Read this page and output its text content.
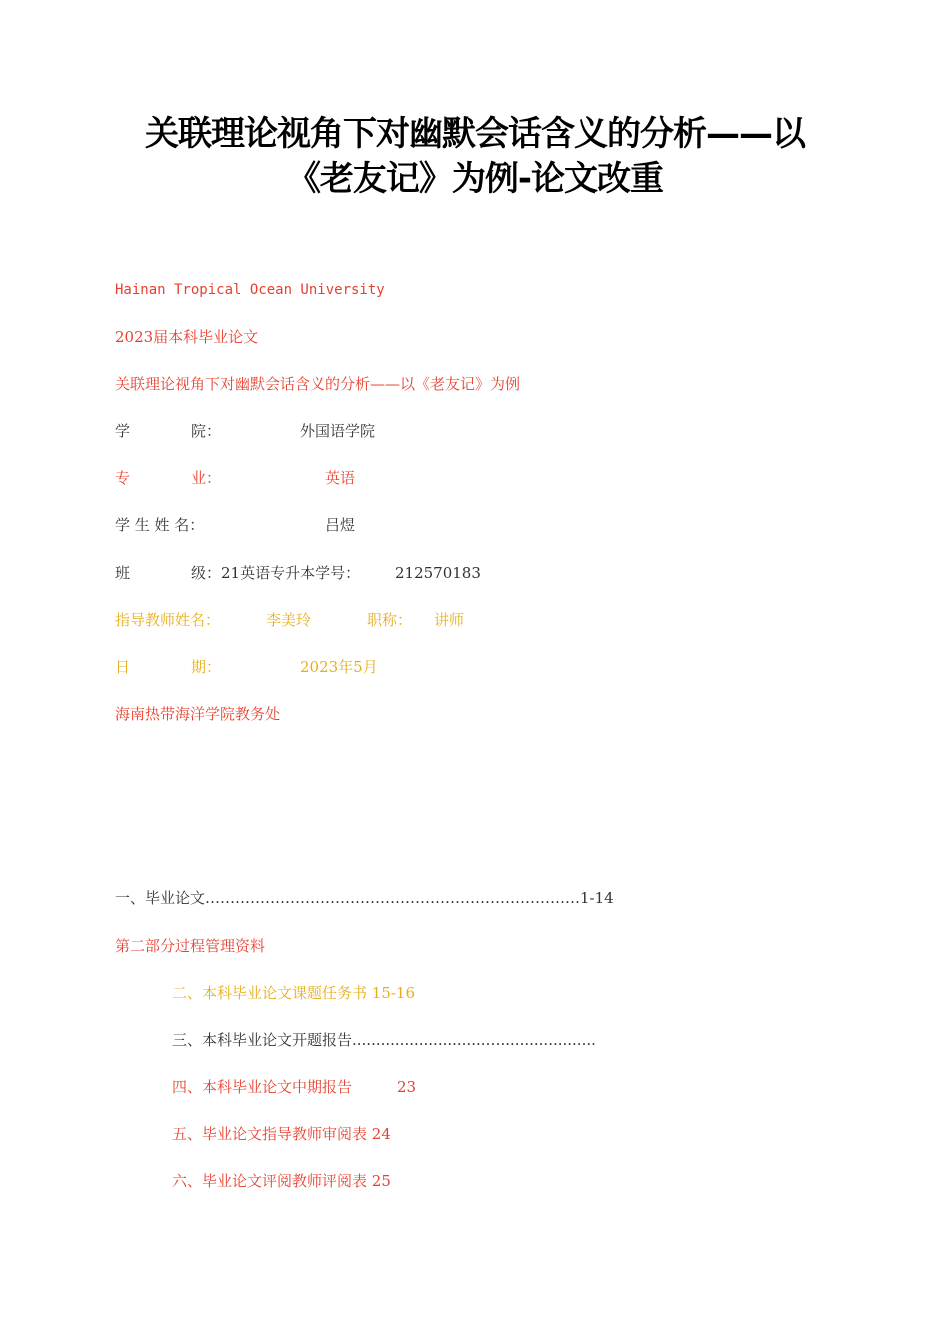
关联理论视角下对幽默会话含义的分析——以
《老友记》为例-论文改重
Hainan Tropical Ocean University
2023届本科毕业论文
关联理论视角下对幽默会话含义的分析——以《老友记》为例
学	院：	外国语学院
专	业：	英语
学 生 姓 名：	吕煜
班	级：21英语专升本学号： 212570183
指导教师姓名：	李美玲	职称： 讲师
日	期：	2023年5月
海南热带海洋学院教务处
一、毕业论文…………………………………………………………………1-14
第二部分过程管理资料
二、本科毕业论文课题任务书 15-16
三、本科毕业论文开题报告............................…....................
四、本科毕业论文中期报告	23
五、毕业论文指导教师审阅表 24
六、毕业论文评阅教师评阅表 25
